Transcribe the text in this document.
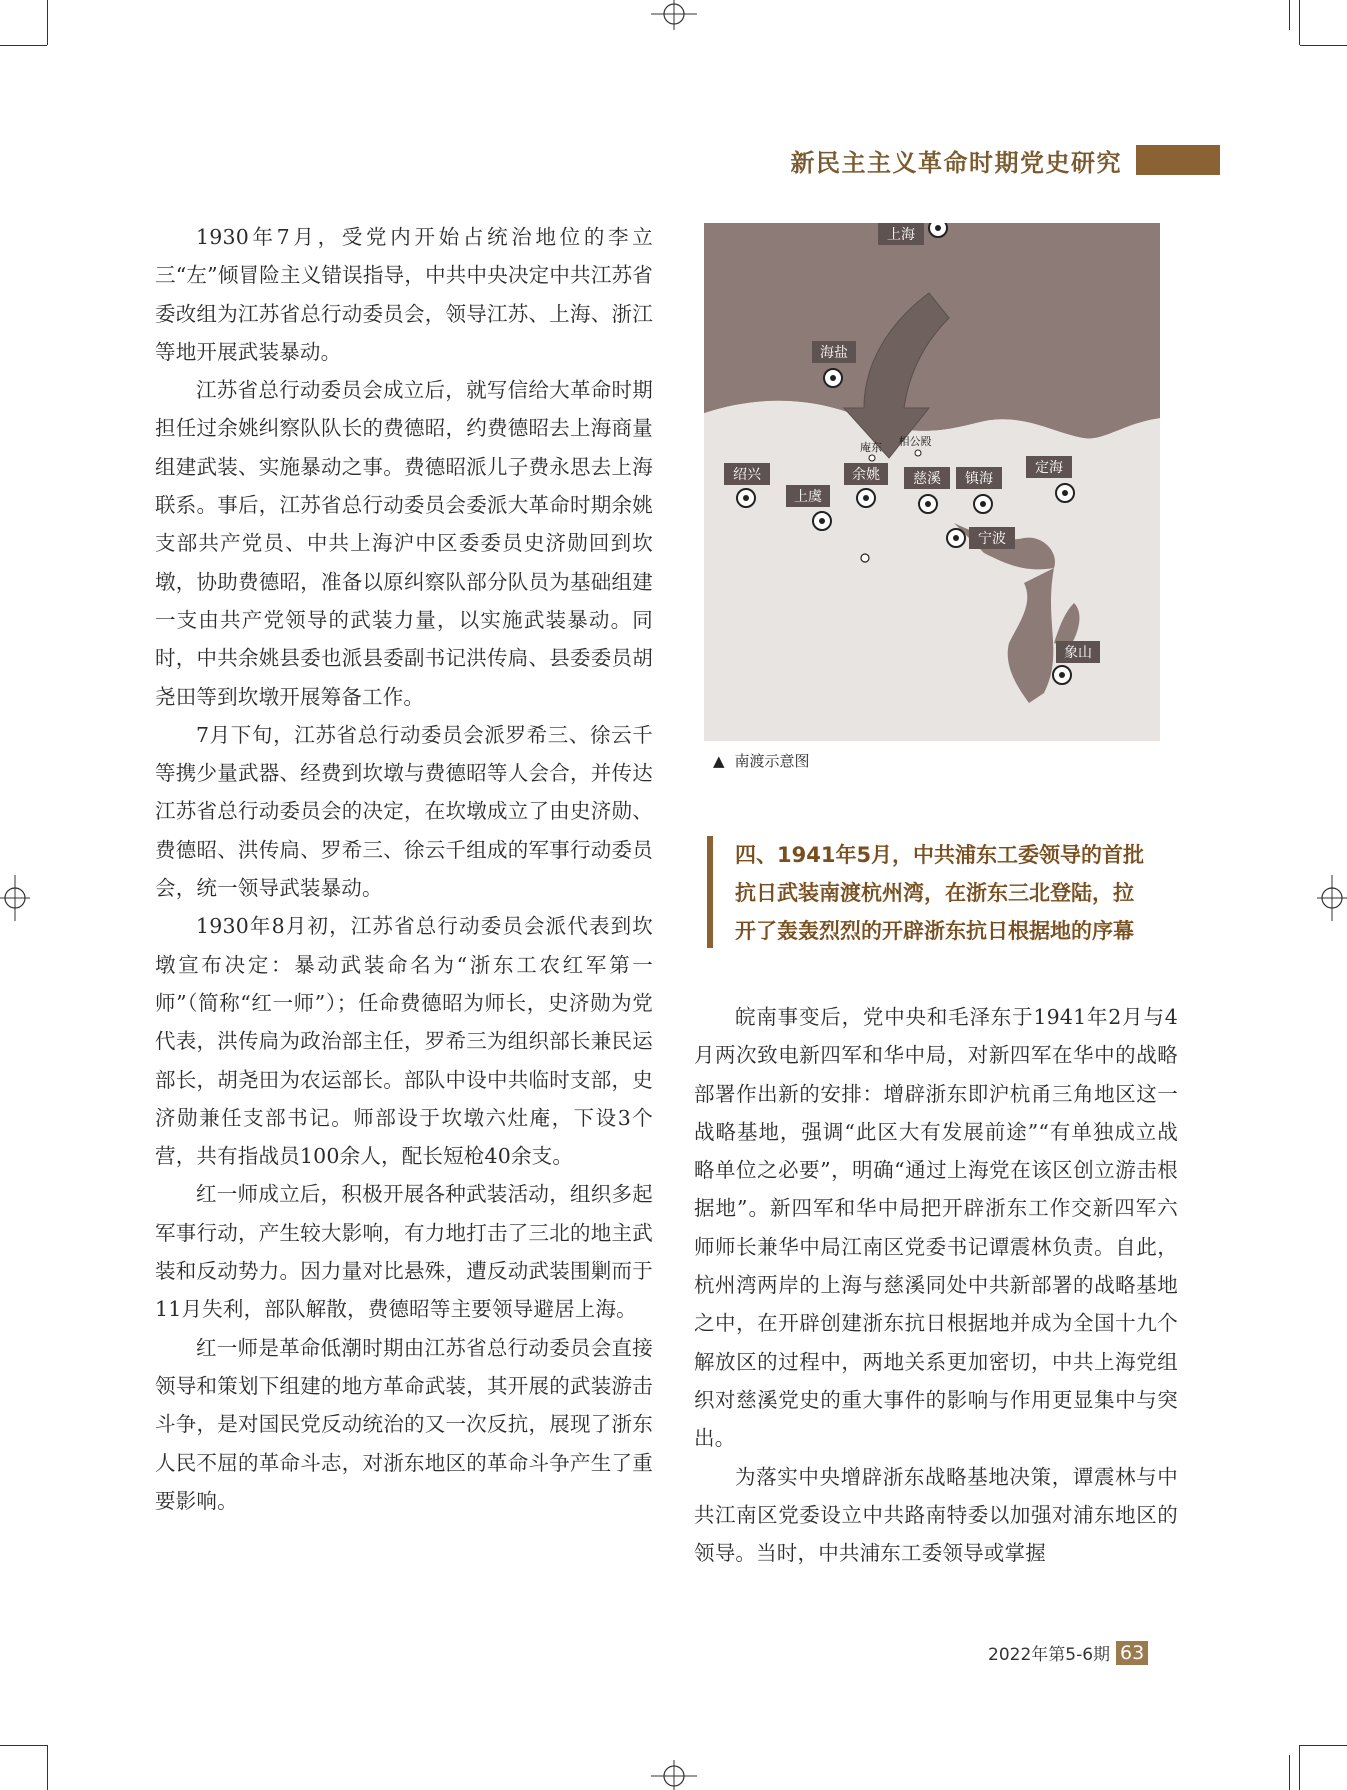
新民主主义革命时期党史研究

1930年7月，受党内开始占统治地位的李立三“左”倾冒险主义错误指导，中共中央决定中共江苏省委改组为江苏省总行动委员会，领导江苏、上海、浙江等地开展武装暴动。

江苏省总行动委员会成立后，就写信给大革命时期担任过余姚纠察队队长的费德昭，约费德昭去上海商量组建武装、实施暴动之事。费德昭派儿子费永思去上海联系。事后，江苏省总行动委员会委派大革命时期余姚支部共产党员、中共上海沪中区委委员史济勋回到坎墩，协助费德昭，准备以原纠察队部分队员为基础组建一支由共产党领导的武装力量，以实施武装暴动。同时，中共余姚县委也派县委副书记洪传扃、县委委员胡尧田等到坎墩开展筹备工作。

7月下旬，江苏省总行动委员会派罗希三、徐云千等携少量武器、经费到坎墩与费德昭等人会合，并传达江苏省总行动委员会的决定，在坎墩成立了由史济勋、费德昭、洪传扃、罗希三、徐云千组成的军事行动委员会，统一领导武装暴动。

1930年8月初，江苏省总行动委员会派代表到坎墩宣布决定：暴动武装命名为“浙东工农红军第一师”（简称“红一师”）；任命费德昭为师长，史济勋为党代表，洪传扃为政治部主任，罗希三为组织部长兼民运部长，胡尧田为农运部长。部队中设中共临时支部，史济勋兼任支部书记。师部设于坎墩六灶庵，下设3个营，共有指战员100余人，配长短枪40余支。

红一师成立后，积极开展各种武装活动，组织多起军事行动，产生较大影响，有力地打击了三北的地主武装和反动势力。因力量对比悬殊，遭反动武装围剿而于11月失利，部队解散，费德昭等主要领导避居上海。

红一师是革命低潮时期由江苏省总行动委员会直接领导和策划下组建的地方革命武装，其开展的武装游击斗争，是对国民党反动统治的又一次反抗，展现了浙东人民不屈的革命斗志，对浙东地区的革命斗争产生了重要影响。

上海
海盐
庵东 相公殿
绍兴
上虞
余姚 慈溪 镇海
定海
宁波
象山
▲ 南渡示意图
四、1941年5月，中共浦东工委领导的首批
抗日武装南渡杭州湾，在浙东三北登陆，拉
开了轰轰烈烈的开辟浙东抗日根据地的序幕

皖南事变后，党中央和毛泽东于1941年2月与4月两次致电新四军和华中局，对新四军在华中的战略部署作出新的安排：增辟浙东即沪杭甬三角地区这一战略基地，强调“此区大有发展前途”“有单独成立战略单位之必要”，明确“通过上海党在该区创立游击根据地”。新四军和华中局把开辟浙东工作交新四军六师师长兼华中局江南区党委书记谭震林负责。自此，杭州湾两岸的上海与慈溪同处中共新部署的战略基地之中，在开辟创建浙东抗日根据地并成为全国十九个解放区的过程中，两地关系更加密切，中共上海党组织对慈溪党史的重大事件的影响与作用更显集中与突出。

为落实中央增辟浙东战略基地决策，谭震林与中共江南区党委设立中共路南特委以加强对浦东地区的领导。当时，中共浦东工委领导或掌握

2022年第5-6期 63
